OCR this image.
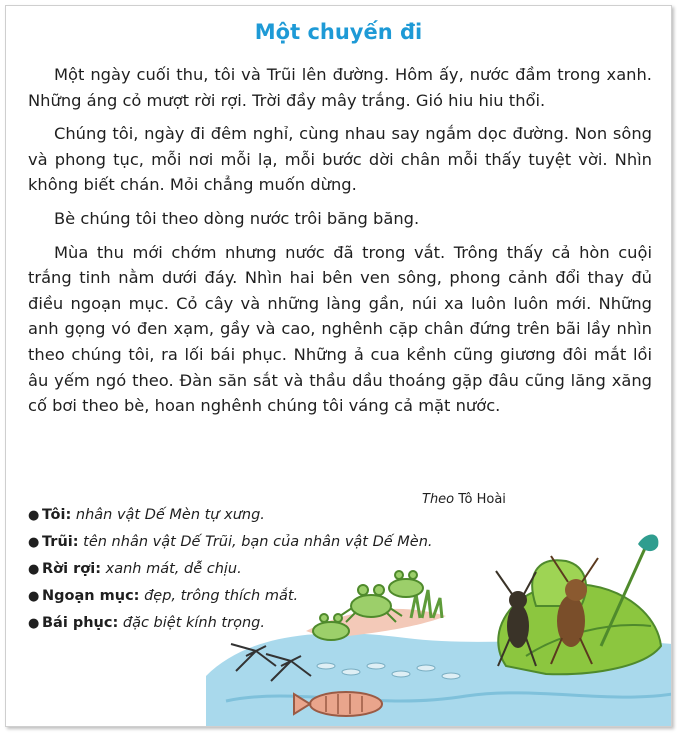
Một chuyến đi

Một ngày cuối thu, tôi và Trũi lên đường. Hôm ấy, nước đầm trong xanh. Những áng cỏ mượt rời rợi. Trời đầy mây trắng. Gió hiu hiu thổi.

Chúng tôi, ngày đi đêm nghỉ, cùng nhau say ngắm dọc đường. Non sông và phong tục, mỗi nơi mỗi lạ, mỗi bước dời chân mỗi thấy tuyệt vời. Nhìn không biết chán. Mỏi chẳng muốn dừng.

Bè chúng tôi theo dòng nước trôi băng băng.

Mùa thu mới chớm nhưng nước đã trong vắt. Trông thấy cả hòn cuội trắng tinh nằm dưới đáy. Nhìn hai bên ven sông, phong cảnh đổi thay đủ điều ngoạn mục. Cỏ cây và những làng gần, núi xa luôn luôn mới. Những anh gọng vó đen xạm, gầy và cao, nghênh cặp chân đứng trên bãi lầy nhìn theo chúng tôi, ra lối bái phục. Những ả cua kềnh cũng giương đôi mắt lồi âu yếm ngó theo. Đàn săn sắt và thầu dầu thoáng gặp đâu cũng lăng xăng cố bơi theo bè, hoan nghênh chúng tôi váng cả mặt nước.

Theo Tô Hoài
● Tôi: nhân vật Dế Mèn tự xưng.
● Trũi: tên nhân vật Dế Trũi, bạn của nhân vật Dế Mèn.
● Rời rợi: xanh mát, dễ chịu.
● Ngoạn mục: đẹp, trông thích mắt.
● Bái phục: đặc biệt kính trọng.
